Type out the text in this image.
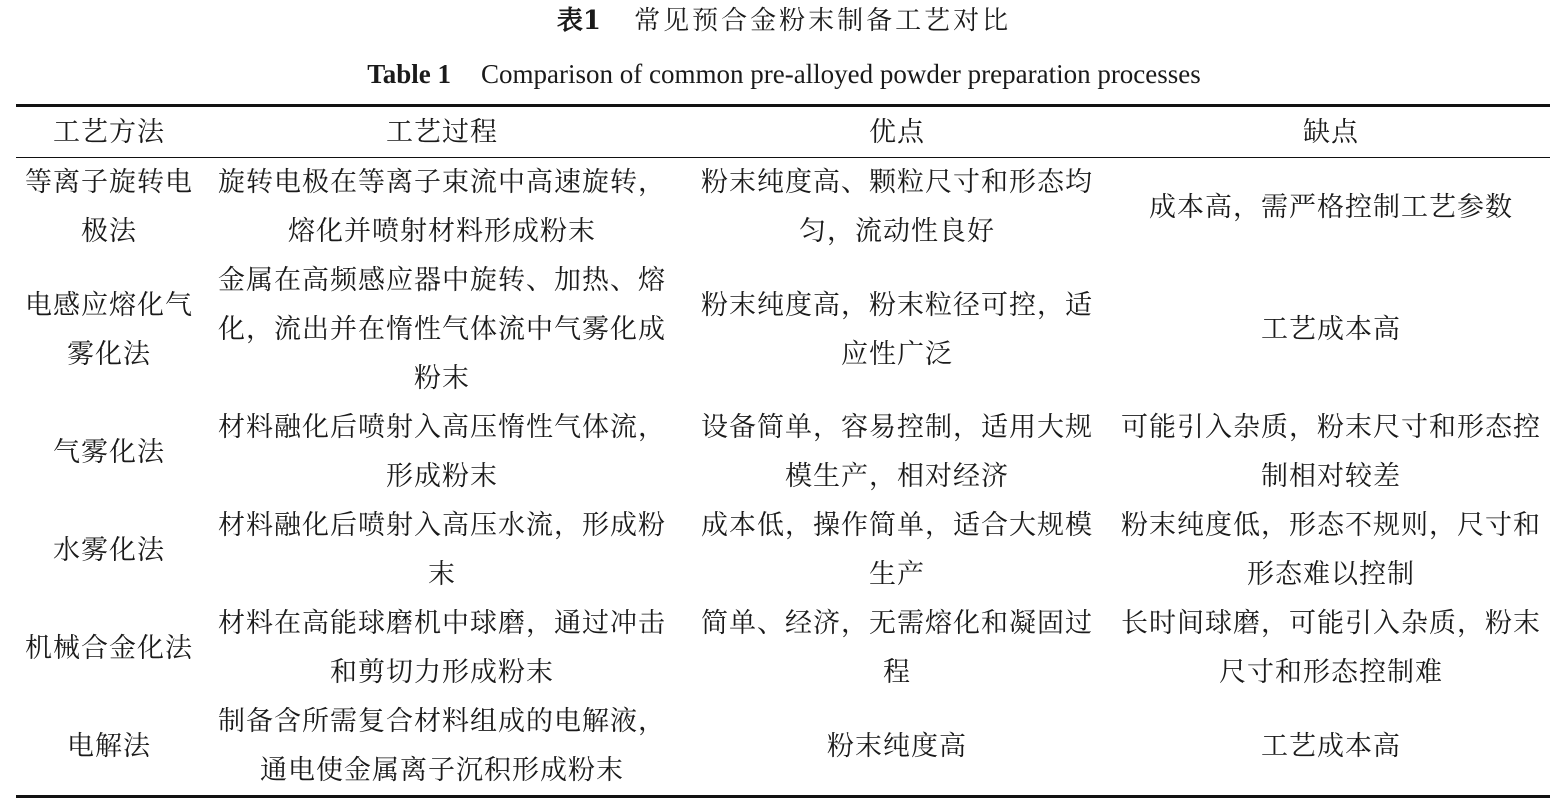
表1 常见预合金粉末制备工艺对比
Table 1 Comparison of common pre-alloyed powder preparation processes
工艺方法	工艺过程	优点	缺点
等离子旋转电极法	旋转电极在等离子束流中高速旋转，熔化并喷射材料形成粉末	粉末纯度高、颗粒尺寸和形态均匀，流动性良好	成本高，需严格控制工艺参数
电感应熔化气雾化法	金属在高频感应器中旋转、加热、熔化，流出并在惰性气体流中气雾化成粉末	粉末纯度高，粉末粒径可控，适应性广泛	工艺成本高
气雾化法	材料融化后喷射入高压惰性气体流，形成粉末	设备简单，容易控制，适用大规模生产，相对经济	可能引入杂质，粉末尺寸和形态控制相对较差
水雾化法	材料融化后喷射入高压水流，形成粉末	成本低，操作简单，适合大规模生产	粉末纯度低，形态不规则，尺寸和形态难以控制
机械合金化法	材料在高能球磨机中球磨，通过冲击和剪切力形成粉末	简单、经济，无需熔化和凝固过程	长时间球磨，可能引入杂质，粉末尺寸和形态控制难
电解法	制备含所需复合材料组成的电解液，通电使金属离子沉积形成粉末	粉末纯度高	工艺成本高
